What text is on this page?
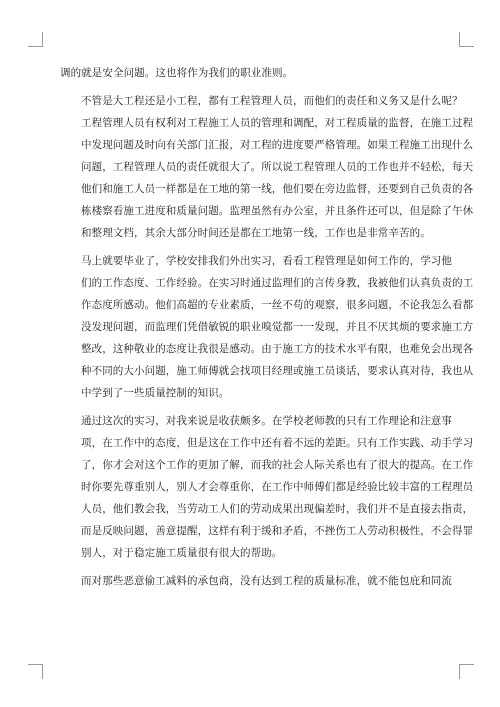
调的就是安全问题。这也将作为我们的职业准则。

不管是大工程还是小工程，都有工程管理人员，而他们的责任和义务又是什么呢？
工程管理人员有权利对工程施工人员的管理和调配，对工程质量的监督，在施工过程
中发现问题及时向有关部门汇报，对工程的进度要严格管理。如果工程施工出现什么
问题，工程管理人员的责任就很大了。所以说工程管理人员的工作也并不轻松，每天
他们和施工人员一样都是在工地的第一线，他们要在旁边监督，还要到自己负责的各
栋楼察看施工进度和质量问题。监理虽然有办公室，并且条件还可以，但是除了午休
和整理文档，其余大部分时间还是都在工地第一线，工作也是非常辛苦的。

马上就要毕业了，学校安排我们外出实习，看看工程管理是如何工作的，学习他
们的工作态度、工作经验。在实习时通过监理们的言传身教，我被他们认真负责的工
作态度所感动。他们高超的专业素质，一丝不苟的观察，很多问题，不论我怎么看都
没发现问题，而监理们凭借敏锐的职业嗅觉都一一发现，并且不厌其烦的要求施工方
整改，这种敬业的态度让我很是感动。由于施工方的技术水平有限，也难免会出现各
种不同的大小问题，施工师傅就会找项目经理或施工员谈话，要求认真对待，我也从
中学到了一些质量控制的知识。

通过这次的实习，对我来说是收获颇多。在学校老师教的只有工作理论和注意事
项，在工作中的态度，但是这在工作中还有着不远的差距。只有工作实践、动手学习
了，你才会对这个工作的更加了解，而我的社会人际关系也有了很大的提高。在工作
时你要先尊重别人，别人才会尊重你，在工作中师傅们都是经验比较丰富的工程理员
人员，他们教会我，当劳动工人们的劳动成果出现偏差时，我们并不是直接去指责，
而是反映问题，善意提醒，这样有利于缓和矛盾，不挫伤工人劳动积极性，不会得罪
别人，对于稳定施工质量很有很大的帮助。

而对那些恶意偷工减料的承包商，没有达到工程的质量标准，就不能包庇和同流
